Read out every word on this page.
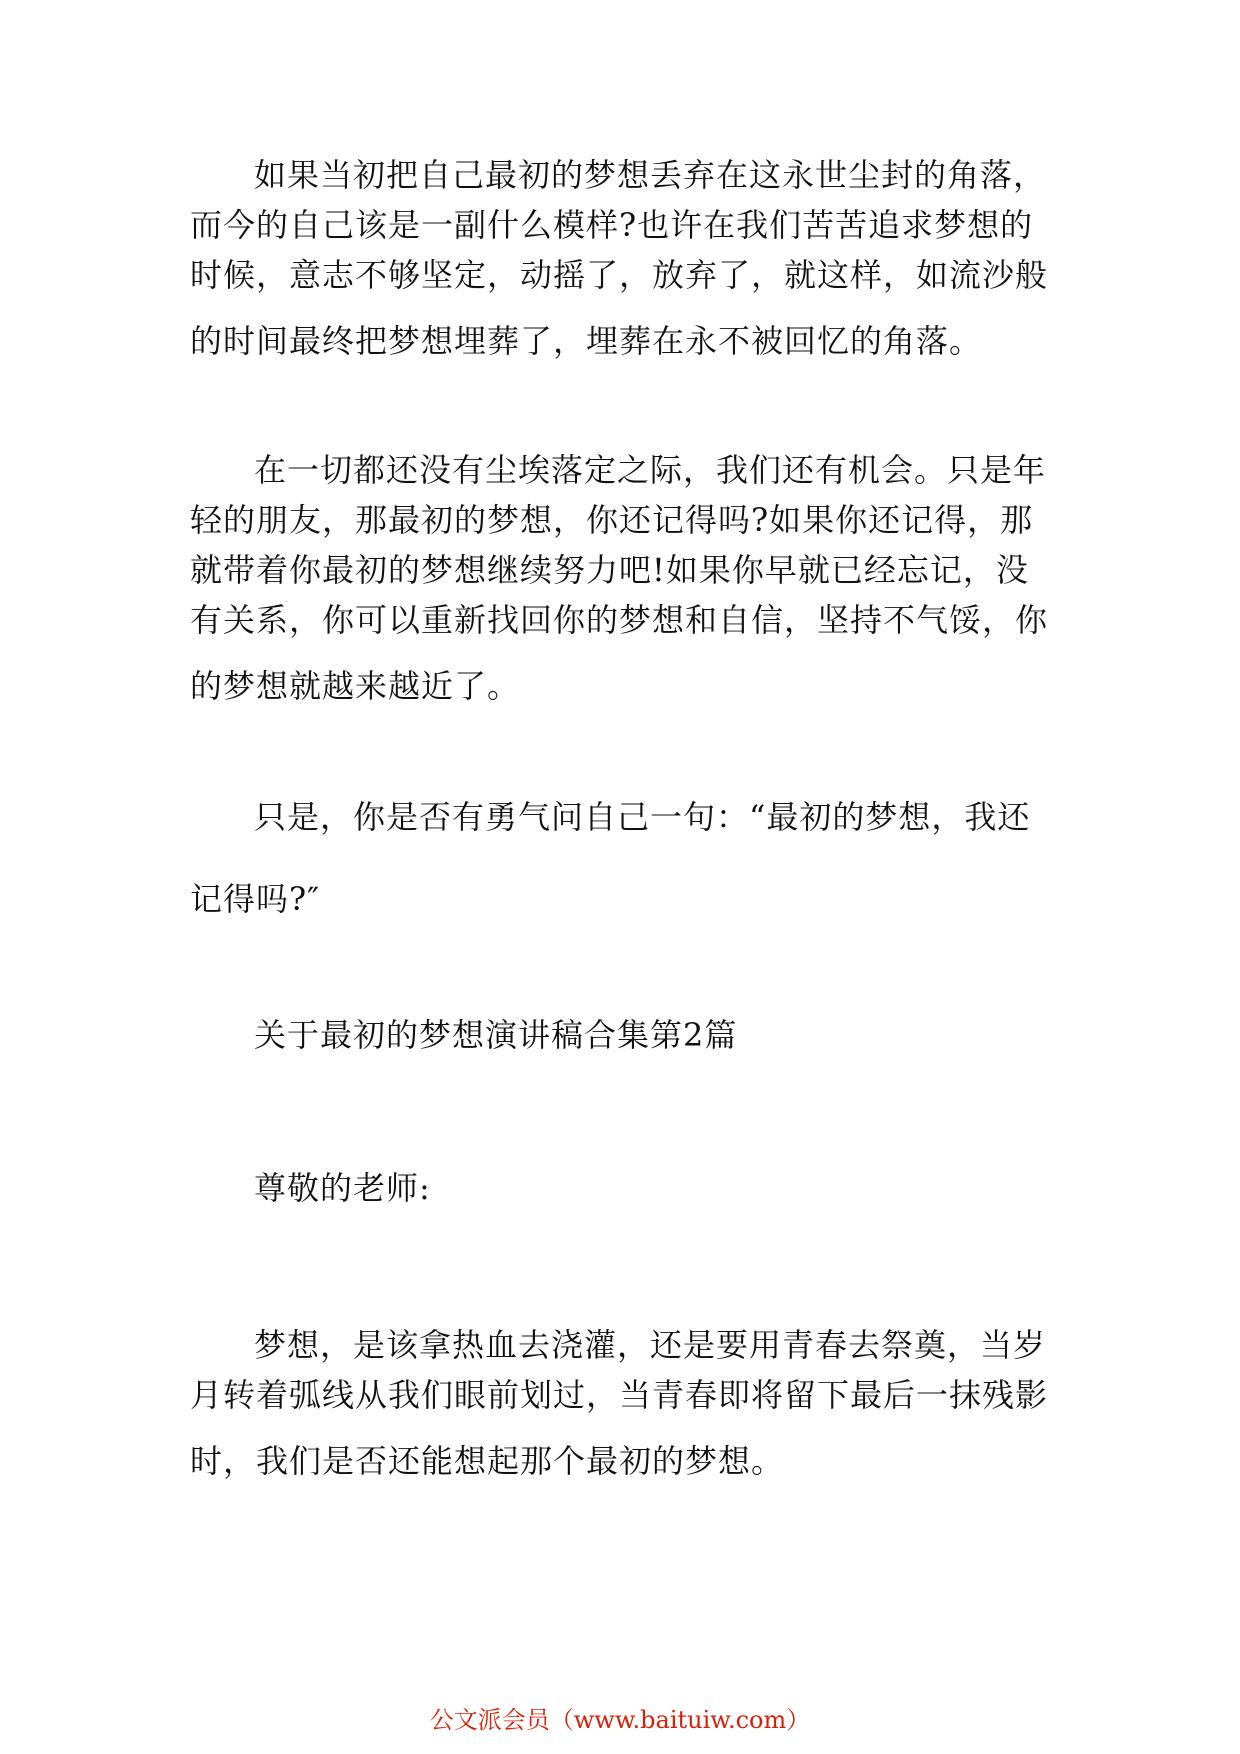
如果当初把自己最初的梦想丢弃在这永世尘封的角落，
而今的自己该是一副什么模样?也许在我们苦苦追求梦想的
时候，意志不够坚定，动摇了，放弃了，就这样，如流沙般
的时间最终把梦想埋葬了，埋葬在永不被回忆的角落。
在一切都还没有尘埃落定之际，我们还有机会。只是年
轻的朋友，那最初的梦想，你还记得吗?如果你还记得，那
就带着你最初的梦想继续努力吧!如果你早就已经忘记，没
有关系，你可以重新找回你的梦想和自信，坚持不气馁，你
的梦想就越来越近了。
只是，你是否有勇气问自己一句：“最初的梦想，我还
记得吗?″
关于最初的梦想演讲稿合集第2篇
尊敬的老师:
梦想，是该拿热血去浇灌，还是要用青春去祭奠，当岁
月转着弧线从我们眼前划过，当青春即将留下最后一抹残影
时，我们是否还能想起那个最初的梦想。
公文派会员（www.baituiw.com）
